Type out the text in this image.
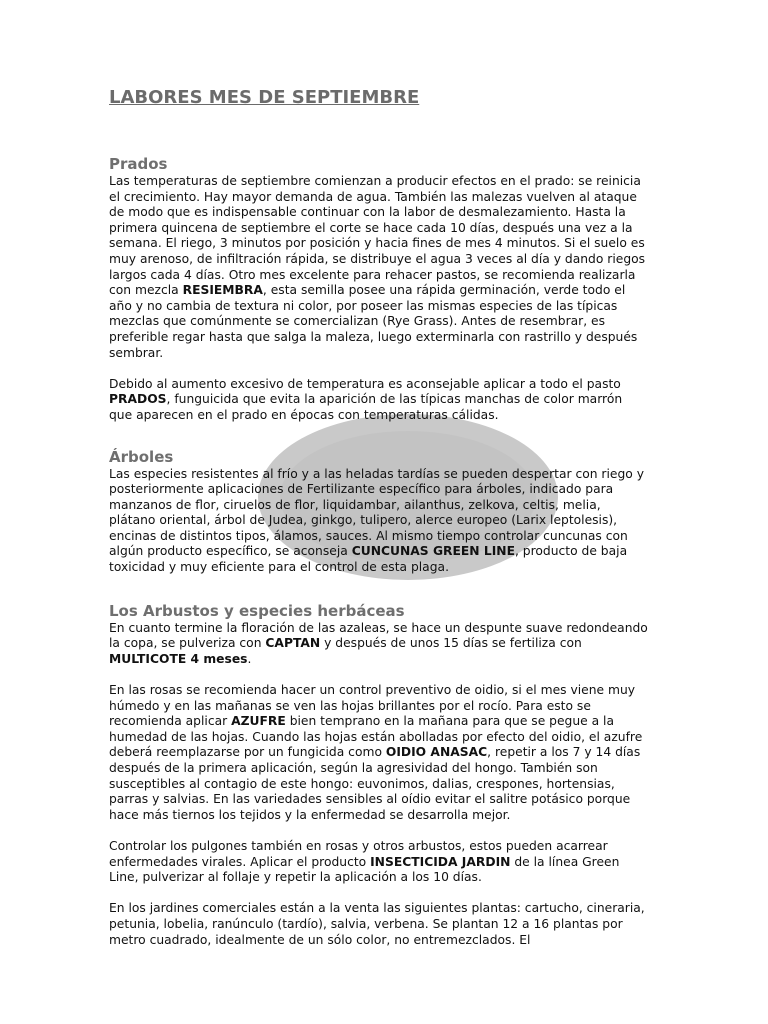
LABORES MES DE SEPTIEMBRE
Prados

Las temperaturas de septiembre comienzan a producir efectos en el prado: se reinicia el crecimiento. Hay mayor demanda de agua. También las malezas vuelven al ataque de modo que es indispensable continuar con la labor de desmalezamiento. Hasta la primera quincena de septiembre el corte se hace cada 10 días, después una vez a la semana. El riego, 3 minutos por posición y hacia fines de mes 4 minutos. Si el suelo es muy arenoso, de infiltración rápida, se distribuye el agua 3 veces al día y dando riegos largos cada 4 días. Otro mes excelente para rehacer pastos, se recomienda realizarla con mezcla RESIEMBRA, esta semilla posee una rápida germinación, verde todo el año y no cambia de textura ni color, por poseer las mismas especies de las típicas mezclas que comúnmente se comercializan (Rye Grass). Antes de resembrar, es preferible regar hasta que salga la maleza, luego exterminarla con rastrillo y después sembrar.

Debido al aumento excesivo de temperatura es aconsejable aplicar a todo el pasto PRADOS, funguicida que evita la aparición de las típicas manchas de color marrón que aparecen en el prado en épocas con temperaturas cálidas.

Árboles

Las especies resistentes al frío y a las heladas tardías se pueden despertar con riego y posteriormente aplicaciones de Fertilizante específico para árboles, indicado para manzanos de flor, ciruelos de flor, liquidambar, ailanthus, zelkova, celtis, melia, plátano oriental, árbol de Judea, ginkgo, tulipero, alerce europeo (Larix leptolesis), encinas de distintos tipos, álamos, sauces. Al mismo tiempo controlar cuncunas con algún producto específico, se aconseja CUNCUNAS GREEN LINE, producto de baja toxicidad y muy eficiente para el control de esta plaga.

Los Arbustos y especies herbáceas

En cuanto termine la floración de las azaleas, se hace un despunte suave redondeando la copa, se pulveriza con CAPTAN y después de unos 15 días se fertiliza con MULTICOTE 4 meses.

En las rosas se recomienda hacer un control preventivo de oidio, si el mes viene muy húmedo y en las mañanas se ven las hojas brillantes por el rocío. Para esto se recomienda aplicar AZUFRE bien temprano en la mañana para que se pegue a la humedad de las hojas. Cuando las hojas están abolladas por efecto del oidio, el azufre deberá reemplazarse por un fungicida como OIDIO ANASAC, repetir a los 7 y 14 días después de la primera aplicación, según la agresividad del hongo. También son susceptibles al contagio de este hongo: euvonimos, dalias, crespones, hortensias, parras y salvias. En las variedades sensibles al oídio evitar el salitre potásico porque hace más tiernos los tejidos y la enfermedad se desarrolla mejor.

Controlar los pulgones también en rosas y otros arbustos, estos pueden acarrear enfermedades virales. Aplicar el producto INSECTICIDA JARDIN de la línea Green Line, pulverizar al follaje y repetir la aplicación a los 10 días.

En los jardines comerciales están a la venta las siguientes plantas: cartucho, cineraria, petunia, lobelia, ranúnculo (tardío), salvia, verbena. Se plantan 12 a 16 plantas por metro cuadrado, idealmente de un sólo color, no entremezclados. El
